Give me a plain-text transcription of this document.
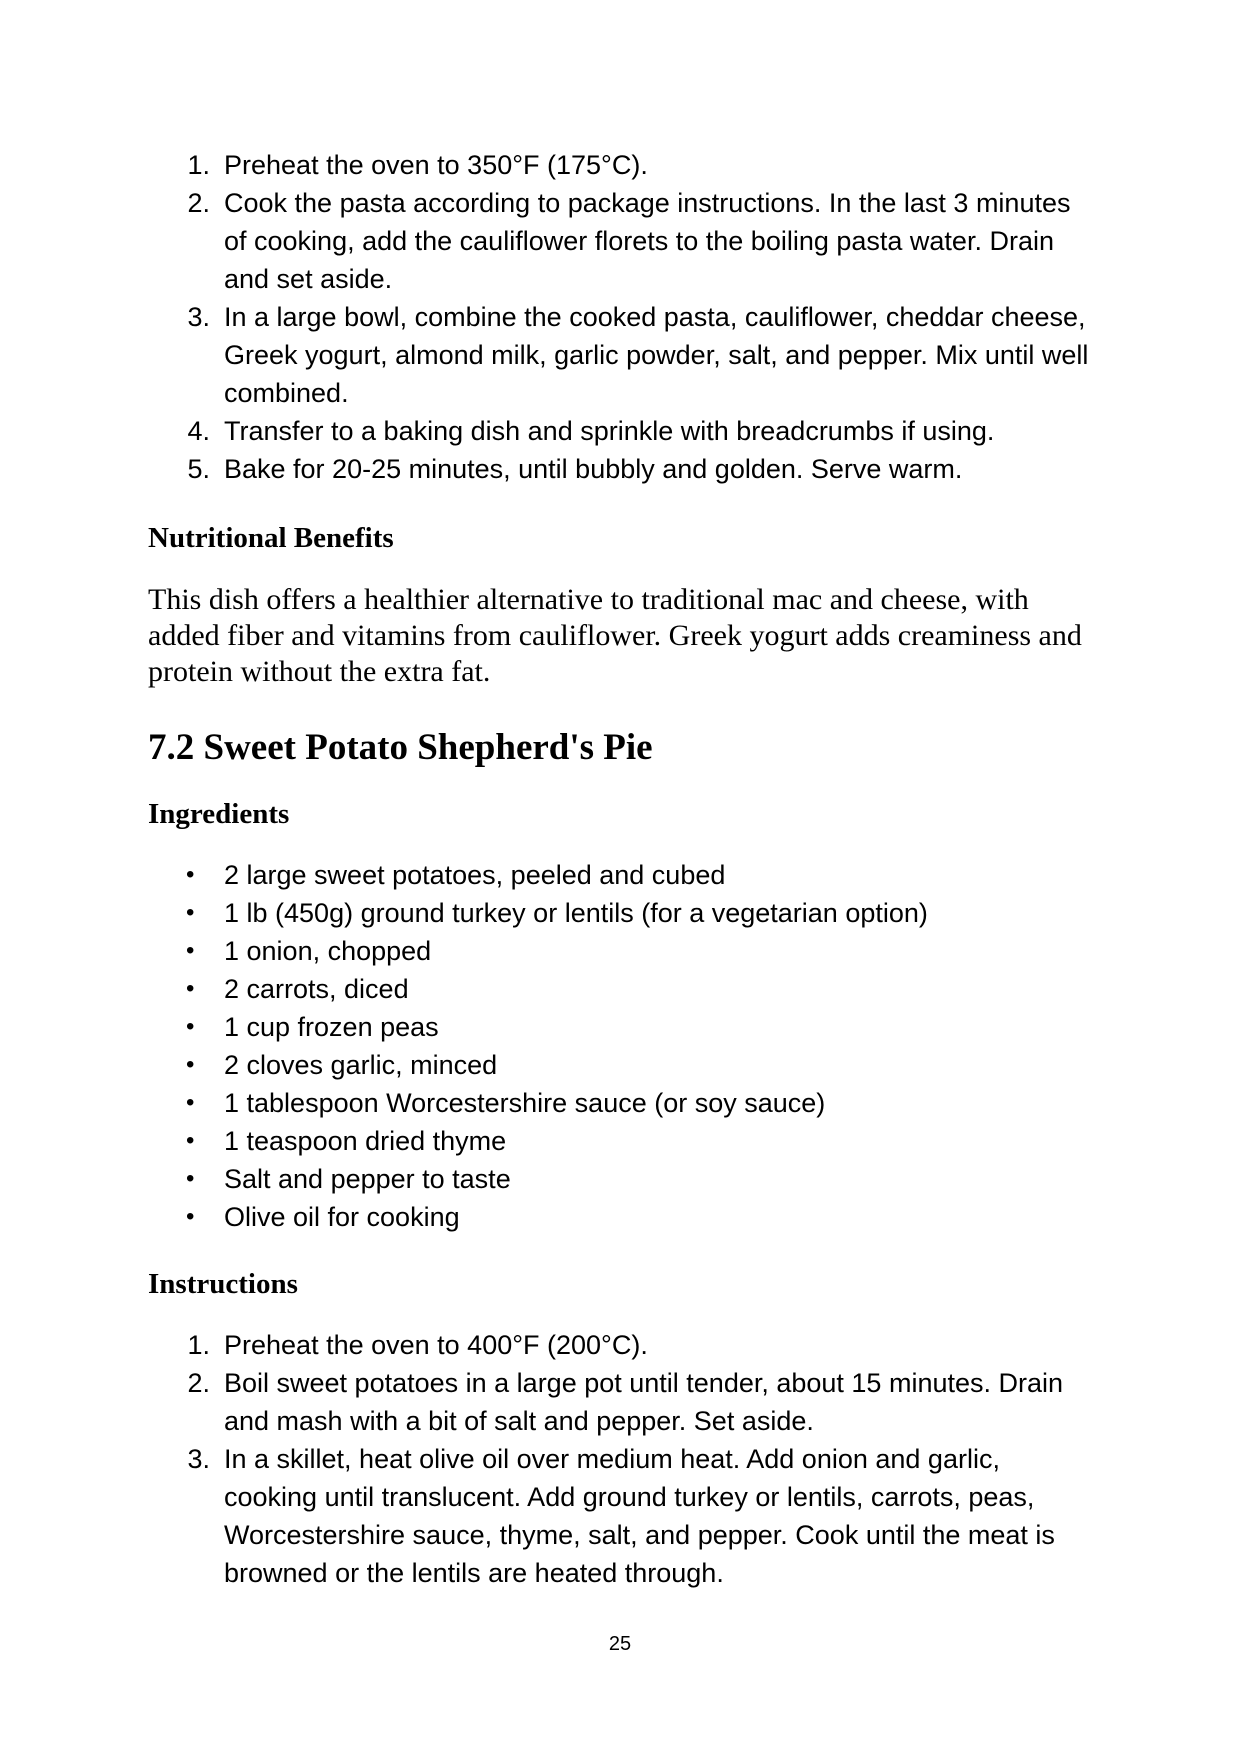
1. Preheat the oven to 350°F (175°C).
2. Cook the pasta according to package instructions. In the last 3 minutes of cooking, add the cauliflower florets to the boiling pasta water. Drain and set aside.
3. In a large bowl, combine the cooked pasta, cauliflower, cheddar cheese, Greek yogurt, almond milk, garlic powder, salt, and pepper. Mix until well combined.
4. Transfer to a baking dish and sprinkle with breadcrumbs if using.
5. Bake for 20-25 minutes, until bubbly and golden. Serve warm.
Nutritional Benefits

This dish offers a healthier alternative to traditional mac and cheese, with added fiber and vitamins from cauliflower. Greek yogurt adds creaminess and protein without the extra fat.

7.2 Sweet Potato Shepherd's Pie
Ingredients
• 2 large sweet potatoes, peeled and cubed
• 1 lb (450g) ground turkey or lentils (for a vegetarian option)
• 1 onion, chopped
• 2 carrots, diced
• 1 cup frozen peas
• 2 cloves garlic, minced
• 1 tablespoon Worcestershire sauce (or soy sauce)
• 1 teaspoon dried thyme
• Salt and pepper to taste
• Olive oil for cooking
Instructions
1. Preheat the oven to 400°F (200°C).
2. Boil sweet potatoes in a large pot until tender, about 15 minutes. Drain and mash with a bit of salt and pepper. Set aside.
3. In a skillet, heat olive oil over medium heat. Add onion and garlic, cooking until translucent. Add ground turkey or lentils, carrots, peas, Worcestershire sauce, thyme, salt, and pepper. Cook until the meat is browned or the lentils are heated through.
25
